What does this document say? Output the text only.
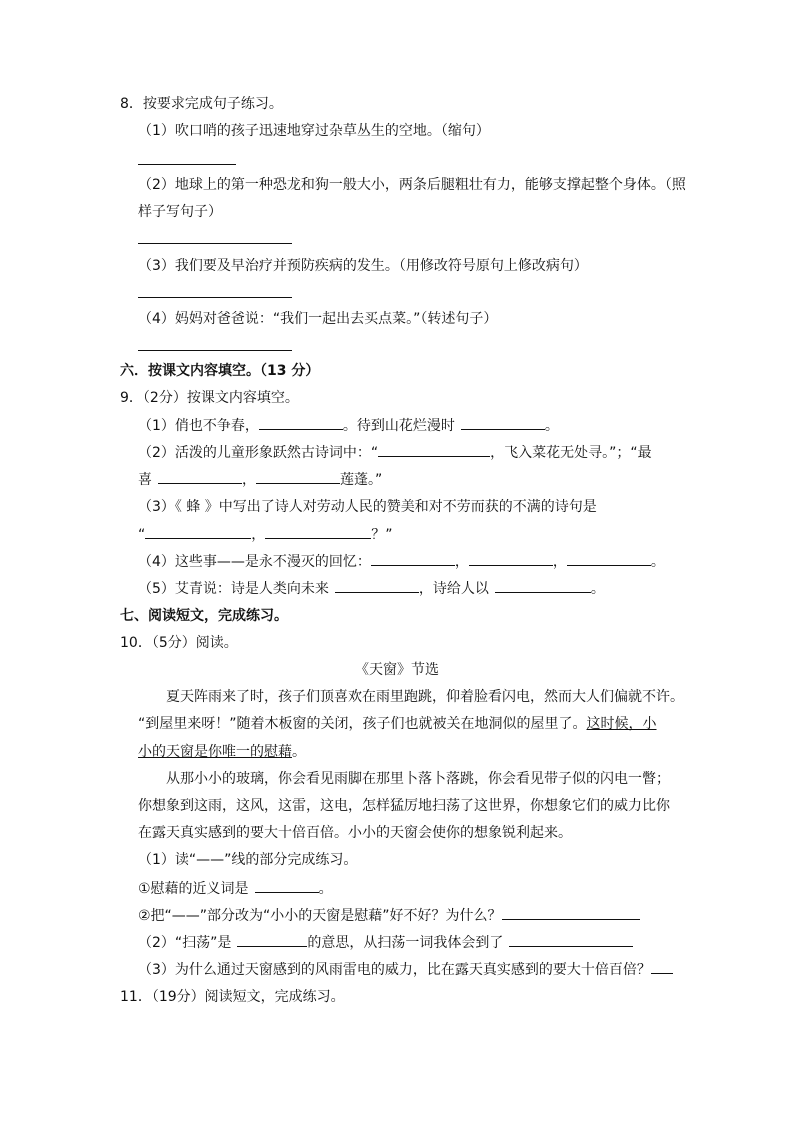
8．按要求完成句子练习。
（1）吹口哨的孩子迅速地穿过杂草丛生的空地。（缩句）
（2）地球上的第一种恐龙和狗一般大小，两条后腿粗壮有力，能够支撑起整个身体。（照
样子写句子）
（3）我们要及早治疗并预防疾病的发生。（用修改符号原句上修改病句）
（4）妈妈对爸爸说：“我们一起出去买点菜。”（转述句子）
六．按课文内容填空。（13 分）
9．（2分）按课文内容填空。
（1）俏也不争春，	。待到山花烂漫时	。
（2）活泼的儿童形象跃然古诗词中：“	，飞入菜花无处寻。”；“最
喜	，	莲蓬。”
（3）《 蜂 》中写出了诗人对劳动人民的赞美和对不劳而获的不满的诗句是
“	，	？”
（4）这些事——是永不漫灭的回忆：	，	，	。
（5）艾青说：诗是人类向未来	，诗给人以	。
七、阅读短文，完成练习。
10．（5分）阅读。
《天窗》节选
夏天阵雨来了时，孩子们顶喜欢在雨里跑跳，仰着脸看闪电，然而大人们偏就不许。
“到屋里来呀！”随着木板窗的关闭，孩子们也就被关在地洞似的屋里了。这时候，小
小的天窗是你唯一的慰藉。
从那小小的玻璃，你会看见雨脚在那里卜落卜落跳，你会看见带子似的闪电一瞥；
你想象到这雨，这风，这雷，这电，怎样猛厉地扫荡了这世界，你想象它们的威力比你
在露天真实感到的要大十倍百倍。小小的天窗会使你的想象锐利起来。
（1）读“——”线的部分完成练习。
①慰藉的近义词是	。
②把“——”部分改为“小小的天窗是慰藉”好不好？为什么？
（2）“扫荡”是	的意思，从扫荡一词我体会到了
（3）为什么通过天窗感到的风雨雷电的威力，比在露天真实感到的要大十倍百倍？
11．（19分）阅读短文，完成练习。
